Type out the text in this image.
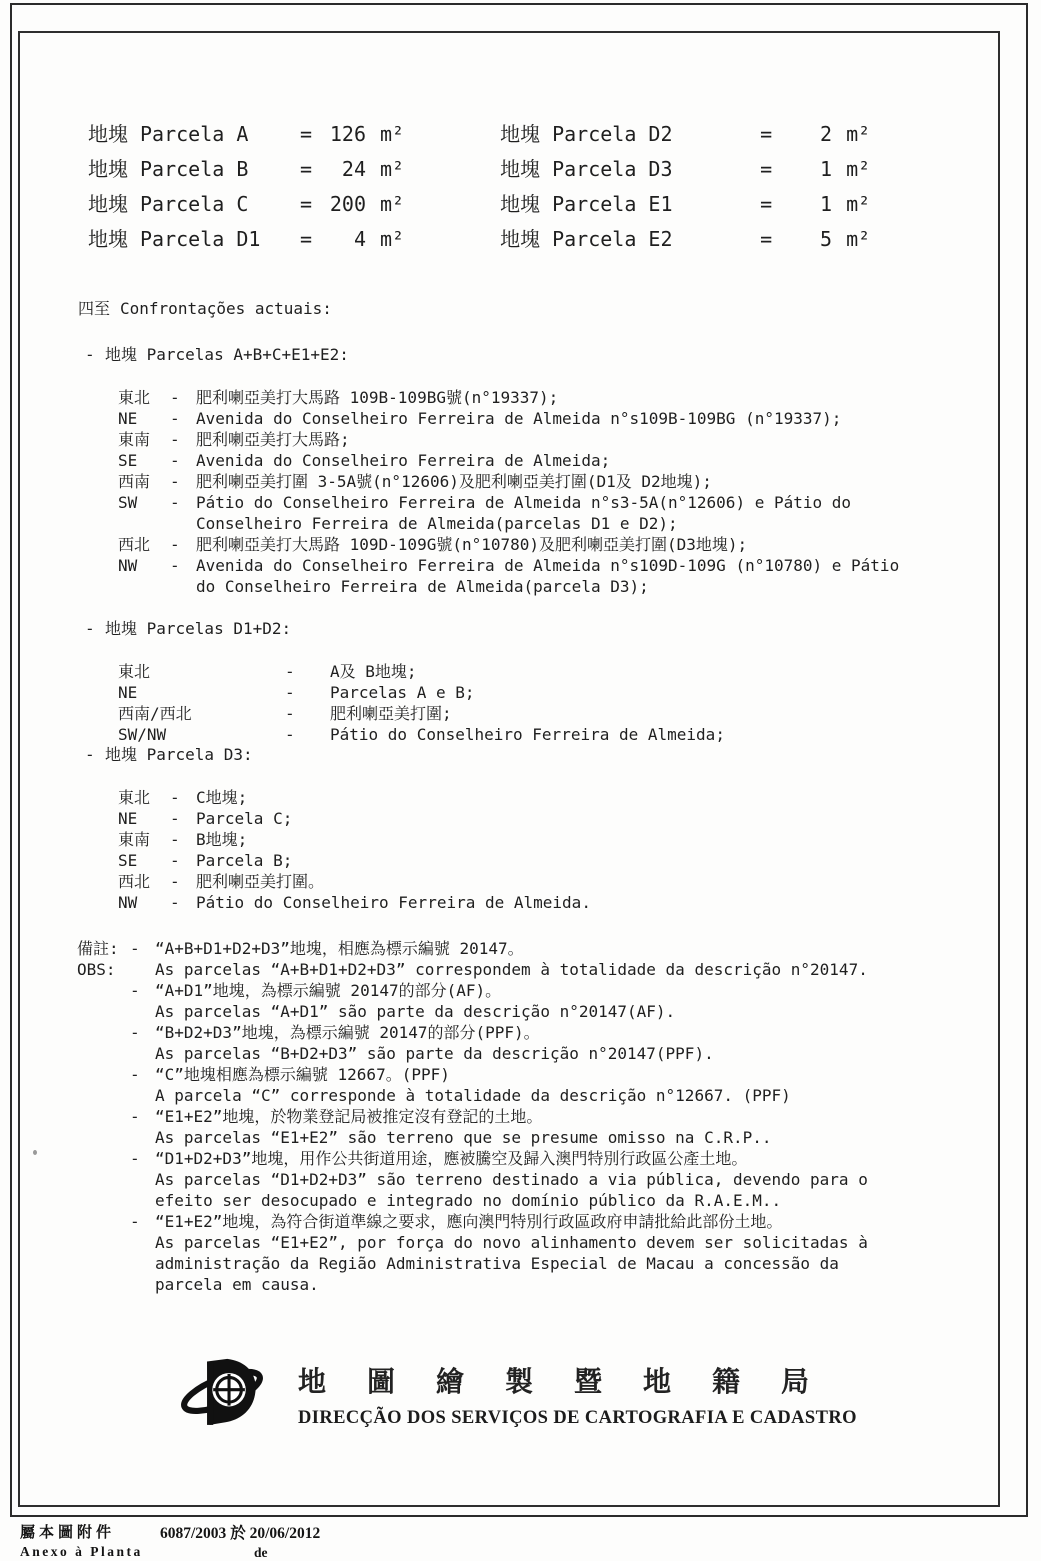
地塊 Parcela A	= 126 m²
地塊 Parcela B	=	24 m²
地塊 Parcela C	= 200 m²
地塊 Parcela D1	=	4 m²
地塊 Parcela D2	=	2 m²
地塊 Parcela D3	=	1 m²
地塊 Parcela E1	=	1 m²
地塊 Parcela E2	=	5 m²
四至 Confrontações actuais:
- 地塊 Parcelas A+B+C+E1+E2:
東北	-	肥利喇亞美打大馬路 109B-109BG號(n°19337);
NE	-	Avenida do Conselheiro Ferreira de Almeida n°s109B-109BG (n°19337);
東南	-	肥利喇亞美打大馬路;
SE	-	Avenida do Conselheiro Ferreira de Almeida;
西南	-	肥利喇亞美打圍 3-5A號(n°12606)及肥利喇亞美打圍(D1及 D2地塊);
SW	-	Pátio do Conselheiro Ferreira de Almeida n°s3-5A(n°12606) e Pátio do Conselheiro Ferreira de Almeida(parcelas D1 e D2);
西北	-	肥利喇亞美打大馬路 109D-109G號(n°10780)及肥利喇亞美打圍(D3地塊);
NW	-	Avenida do Conselheiro Ferreira de Almeida n°s109D-109G (n°10780) e Pátio do Conselheiro Ferreira de Almeida(parcela D3);
- 地塊 Parcelas D1+D2:
東北	-	A及 B地塊;
NE	-	Parcelas A e B;
西南/西北	-	肥利喇亞美打圍;
SW/NW	-	Pátio do Conselheiro Ferreira de Almeida;
- 地塊 Parcela D3:
東北	-	C地塊;
NE	-	Parcela C;
東南	-	B地塊;
SE	-	Parcela B;
西北	-	肥利喇亞美打圍。
NW	-	Pátio do Conselheiro Ferreira de Almeida.
備註:
OBS:
- “A+B+D1+D2+D3”地塊，相應為標示編號 20147。
As parcelas “A+B+D1+D2+D3” correspondem à totalidade da descrição n°20147.
- “A+D1”地塊，為標示編號 20147的部分(AF)。
As parcelas “A+D1” são parte da descrição n°20147(AF).
- “B+D2+D3”地塊，為標示編號 20147的部分(PPF)。
As parcelas “B+D2+D3” são parte da descrição n°20147(PPF).
- “C”地塊相應為標示編號 12667。(PPF)
A parcela “C” corresponde à totalidade da descrição n°12667. (PPF)
- “E1+E2”地塊，於物業登記局被推定沒有登記的土地。
As parcelas “E1+E2” são terreno que se presume omisso na C.R.P..
- “D1+D2+D3”地塊，用作公共街道用途，應被騰空及歸入澳門特別行政區公產土地。
As parcelas “D1+D2+D3” são terreno destinado a via pública, devendo para o efeito ser desocupado e integrado no domínio público da R.A.E.M..
- “E1+E2”地塊，為符合街道準線之要求，應向澳門特別行政區政府申請批給此部份土地。
As parcelas “E1+E2”, por força do novo alinhamento devem ser solicitadas à administração da Região Administrativa Especial de Macau a concessão da parcela em causa.
地圖繪製暨地籍局
DIRECÇÃO DOS SERVIÇOS DE CARTOGRAFIA E CADASTRO
屬本圖附件
Anexo à Planta
6087/2003 於 20/06/2012
de
